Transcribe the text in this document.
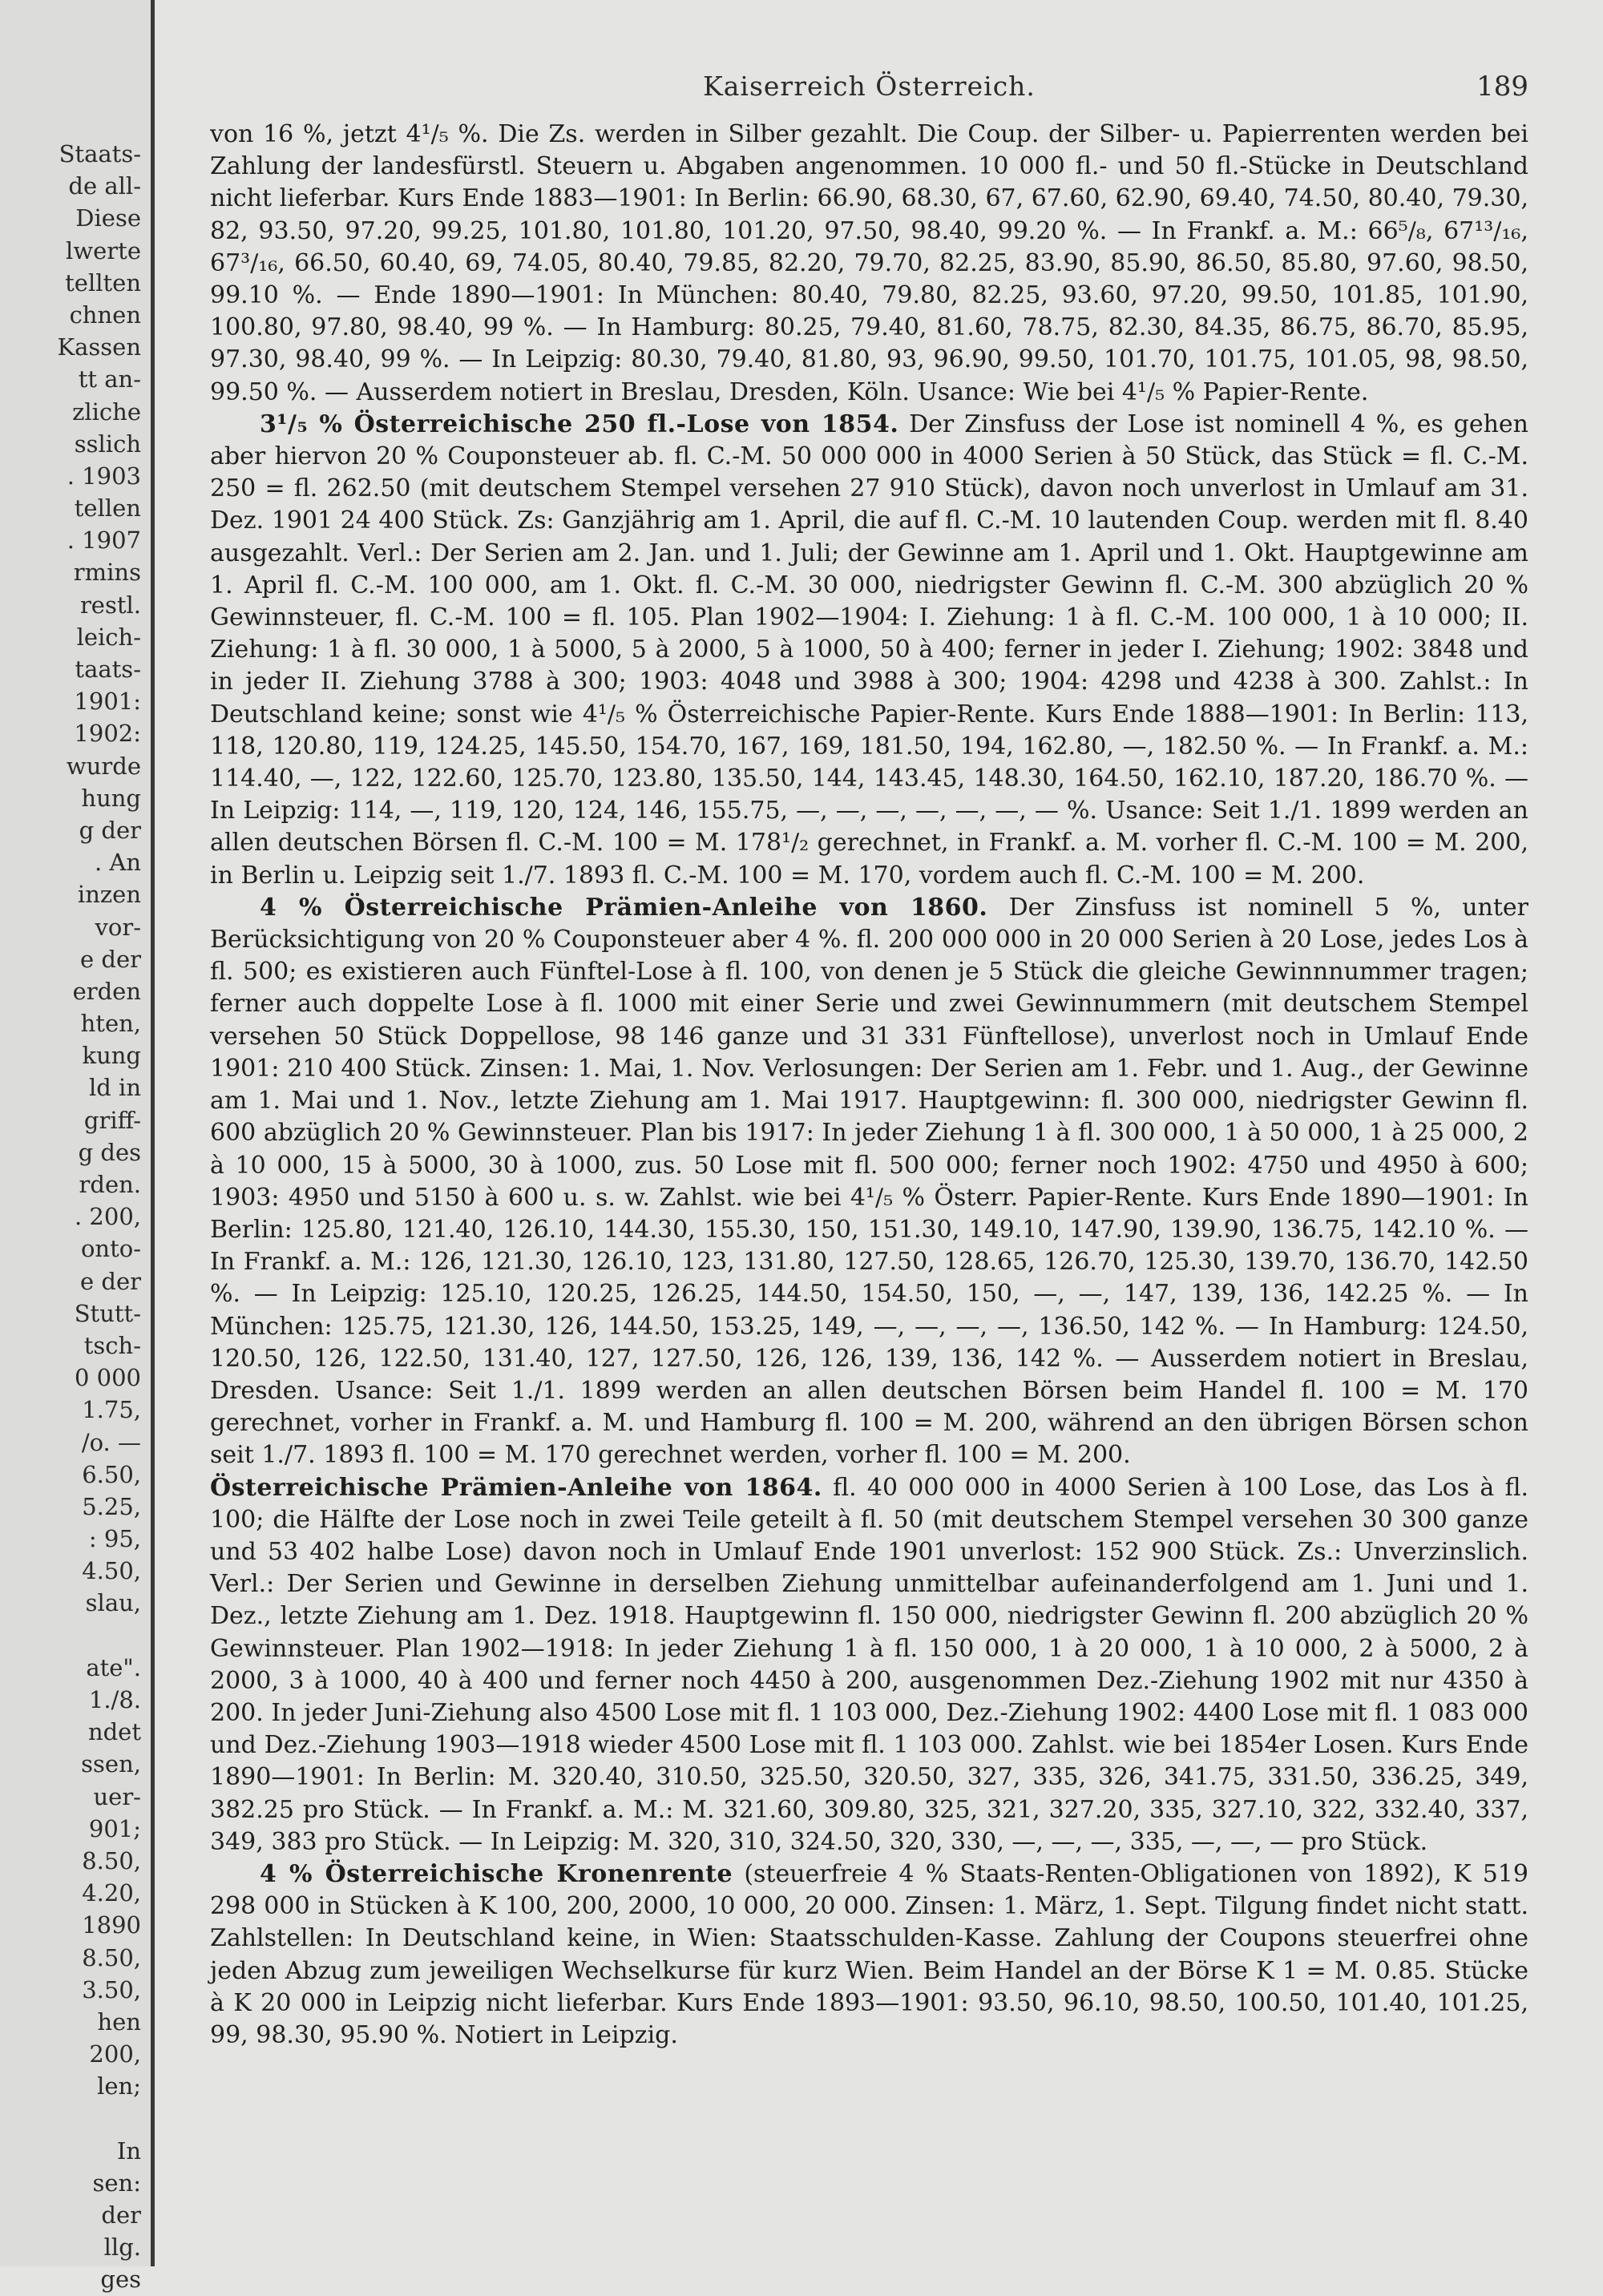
Staats-
de all-
Diese
lwerte
tellten
chnen
Kassen
tt an-
zliche
sslich
. 1903
tellen
. 1907
rmins
restl.
leich-
taats-
1901:
1902:
wurde
hung
g der
. An
inzen
vor-
e der
erden
hten,
kung
ld in
griff-
g des
rden.
. 200,
onto-
e der
Stutt-
tsch-
0 000
1.75,
/o. —
6.50,
5.25,
: 95,
4.50,
slau,
ate".
1./8.
ndet
ssen,
uer-
901;
8.50,
4.20,
1890
8.50,
3.50,
hen
200,
len;
In
sen:
der
llg.
ges
Kaiserreich Österreich.	189

von 16 %, jetzt 4¹/₅ %. Die Zs. werden in Silber gezahlt. Die Coup. der Silber- u. Papierrenten werden bei Zahlung der landesfürstl. Steuern u. Abgaben angenommen. 10 000 fl.- und 50 fl.-Stücke in Deutschland nicht lieferbar. Kurs Ende 1883—1901: In Berlin: 66.90, 68.30, 67, 67.60, 62.90, 69.40, 74.50, 80.40, 79.30, 82, 93.50, 97.20, 99.25, 101.80, 101.80, 101.20, 97.50, 98.40, 99.20 %. — In Frankf. a. M.: 66⁵/₈, 67¹³/₁₆, 67³/₁₆, 66.50, 60.40, 69, 74.05, 80.40, 79.85, 82.20, 79.70, 82.25, 83.90, 85.90, 86.50, 85.80, 97.60, 98.50, 99.10 %. — Ende 1890—1901: In München: 80.40, 79.80, 82.25, 93.60, 97.20, 99.50, 101.85, 101.90, 100.80, 97.80, 98.40, 99 %. — In Hamburg: 80.25, 79.40, 81.60, 78.75, 82.30, 84.35, 86.75, 86.70, 85.95, 97.30, 98.40, 99 %. — In Leipzig: 80.30, 79.40, 81.80, 93, 96.90, 99.50, 101.70, 101.75, 101.05, 98, 98.50, 99.50 %. — Ausserdem notiert in Breslau, Dresden, Köln. Usance: Wie bei 4¹/₅ % Papier-Rente.

3¹/₅ % Österreichische 250 fl.-Lose von 1854. Der Zinsfuss der Lose ist nominell 4 %, es gehen aber hiervon 20 % Couponsteuer ab. fl. C.-M. 50 000 000 in 4000 Serien à 50 Stück, das Stück = fl. C.-M. 250 = fl. 262.50 (mit deutschem Stempel versehen 27 910 Stück), davon noch unverlost in Umlauf am 31. Dez. 1901 24 400 Stück. Zs: Ganzjährig am 1. April, die auf fl. C.-M. 10 lautenden Coup. werden mit fl. 8.40 ausgezahlt. Verl.: Der Serien am 2. Jan. und 1. Juli; der Gewinne am 1. April und 1. Okt. Hauptgewinne am 1. April fl. C.-M. 100 000, am 1. Okt. fl. C.-M. 30 000, niedrigster Gewinn fl. C.-M. 300 abzüglich 20 % Gewinnsteuer, fl. C.-M. 100 = fl. 105. Plan 1902—1904: I. Ziehung: 1 à fl. C.-M. 100 000, 1 à 10 000; II. Ziehung: 1 à fl. 30 000, 1 à 5000, 5 à 2000, 5 à 1000, 50 à 400; ferner in jeder I. Ziehung; 1902: 3848 und in jeder II. Ziehung 3788 à 300; 1903: 4048 und 3988 à 300; 1904: 4298 und 4238 à 300. Zahlst.: In Deutschland keine; sonst wie 4¹/₅ % Österreichische Papier-Rente. Kurs Ende 1888—1901: In Berlin: 113, 118, 120.80, 119, 124.25, 145.50, 154.70, 167, 169, 181.50, 194, 162.80, —, 182.50 %. — In Frankf. a. M.: 114.40, —, 122, 122.60, 125.70, 123.80, 135.50, 144, 143.45, 148.30, 164.50, 162.10, 187.20, 186.70 %. — In Leipzig: 114, —, 119, 120, 124, 146, 155.75, —, —, —, —, —, —, — %. Usance: Seit 1./1. 1899 werden an allen deutschen Börsen fl. C.-M. 100 = M. 178¹/₂ gerechnet, in Frankf. a. M. vorher fl. C.-M. 100 = M. 200, in Berlin u. Leipzig seit 1./7. 1893 fl. C.-M. 100 = M. 170, vordem auch fl. C.-M. 100 = M. 200.

4 % Österreichische Prämien-Anleihe von 1860. Der Zinsfuss ist nominell 5 %, unter Berücksichtigung von 20 % Couponsteuer aber 4 %. fl. 200 000 000 in 20 000 Serien à 20 Lose, jedes Los à fl. 500; es existieren auch Fünftel-Lose à fl. 100, von denen je 5 Stück die gleiche Gewinnnummer tragen; ferner auch doppelte Lose à fl. 1000 mit einer Serie und zwei Gewinnummern (mit deutschem Stempel versehen 50 Stück Doppellose, 98 146 ganze und 31 331 Fünftellose), unverlost noch in Umlauf Ende 1901: 210 400 Stück. Zinsen: 1. Mai, 1. Nov. Verlosungen: Der Serien am 1. Febr. und 1. Aug., der Gewinne am 1. Mai und 1. Nov., letzte Ziehung am 1. Mai 1917. Hauptgewinn: fl. 300 000, niedrigster Gewinn fl. 600 abzüglich 20 % Gewinnsteuer. Plan bis 1917: In jeder Ziehung 1 à fl. 300 000, 1 à 50 000, 1 à 25 000, 2 à 10 000, 15 à 5000, 30 à 1000, zus. 50 Lose mit fl. 500 000; ferner noch 1902: 4750 und 4950 à 600; 1903: 4950 und 5150 à 600 u. s. w. Zahlst. wie bei 4¹/₅ % Österr. Papier-Rente. Kurs Ende 1890—1901: In Berlin: 125.80, 121.40, 126.10, 144.30, 155.30, 150, 151.30, 149.10, 147.90, 139.90, 136.75, 142.10 %. — In Frankf. a. M.: 126, 121.30, 126.10, 123, 131.80, 127.50, 128.65, 126.70, 125.30, 139.70, 136.70, 142.50 %. — In Leipzig: 125.10, 120.25, 126.25, 144.50, 154.50, 150, —, —, 147, 139, 136, 142.25 %. — In München: 125.75, 121.30, 126, 144.50, 153.25, 149, —, —, —, —, 136.50, 142 %. — In Hamburg: 124.50, 120.50, 126, 122.50, 131.40, 127, 127.50, 126, 126, 139, 136, 142 %. — Ausserdem notiert in Breslau, Dresden. Usance: Seit 1./1. 1899 werden an allen deutschen Börsen beim Handel fl. 100 = M. 170 gerechnet, vorher in Frankf. a. M. und Hamburg fl. 100 = M. 200, während an den übrigen Börsen schon seit 1./7. 1893 fl. 100 = M. 170 gerechnet werden, vorher fl. 100 = M. 200.

Österreichische Prämien-Anleihe von 1864. fl. 40 000 000 in 4000 Serien à 100 Lose, das Los à fl. 100; die Hälfte der Lose noch in zwei Teile geteilt à fl. 50 (mit deutschem Stempel versehen 30 300 ganze und 53 402 halbe Lose) davon noch in Umlauf Ende 1901 unverlost: 152 900 Stück. Zs.: Unverzinslich. Verl.: Der Serien und Gewinne in derselben Ziehung unmittelbar aufeinanderfolgend am 1. Juni und 1. Dez., letzte Ziehung am 1. Dez. 1918. Hauptgewinn fl. 150 000, niedrigster Gewinn fl. 200 abzüglich 20 % Gewinnsteuer. Plan 1902—1918: In jeder Ziehung 1 à fl. 150 000, 1 à 20 000, 1 à 10 000, 2 à 5000, 2 à 2000, 3 à 1000, 40 à 400 und ferner noch 4450 à 200, ausgenommen Dez.-Ziehung 1902 mit nur 4350 à 200. In jeder Juni-Ziehung also 4500 Lose mit fl. 1 103 000, Dez.-Ziehung 1902: 4400 Lose mit fl. 1 083 000 und Dez.-Ziehung 1903—1918 wieder 4500 Lose mit fl. 1 103 000. Zahlst. wie bei 1854er Losen. Kurs Ende 1890—1901: In Berlin: M. 320.40, 310.50, 325.50, 320.50, 327, 335, 326, 341.75, 331.50, 336.25, 349, 382.25 pro Stück. — In Frankf. a. M.: M. 321.60, 309.80, 325, 321, 327.20, 335, 327.10, 322, 332.40, 337, 349, 383 pro Stück. — In Leipzig: M. 320, 310, 324.50, 320, 330, —, —, —, 335, —, —, — pro Stück.

4 % Österreichische Kronenrente (steuerfreie 4 % Staats-Renten-Obligationen von 1892), K 519 298 000 in Stücken à K 100, 200, 2000, 10 000, 20 000. Zinsen: 1. März, 1. Sept. Tilgung findet nicht statt. Zahlstellen: In Deutschland keine, in Wien: Staatsschulden-Kasse. Zahlung der Coupons steuerfrei ohne jeden Abzug zum jeweiligen Wechselkurse für kurz Wien. Beim Handel an der Börse K 1 = M. 0.85. Stücke à K 20 000 in Leipzig nicht lieferbar. Kurs Ende 1893—1901: 93.50, 96.10, 98.50, 100.50, 101.40, 101.25, 99, 98.30, 95.90 %. Notiert in Leipzig.
